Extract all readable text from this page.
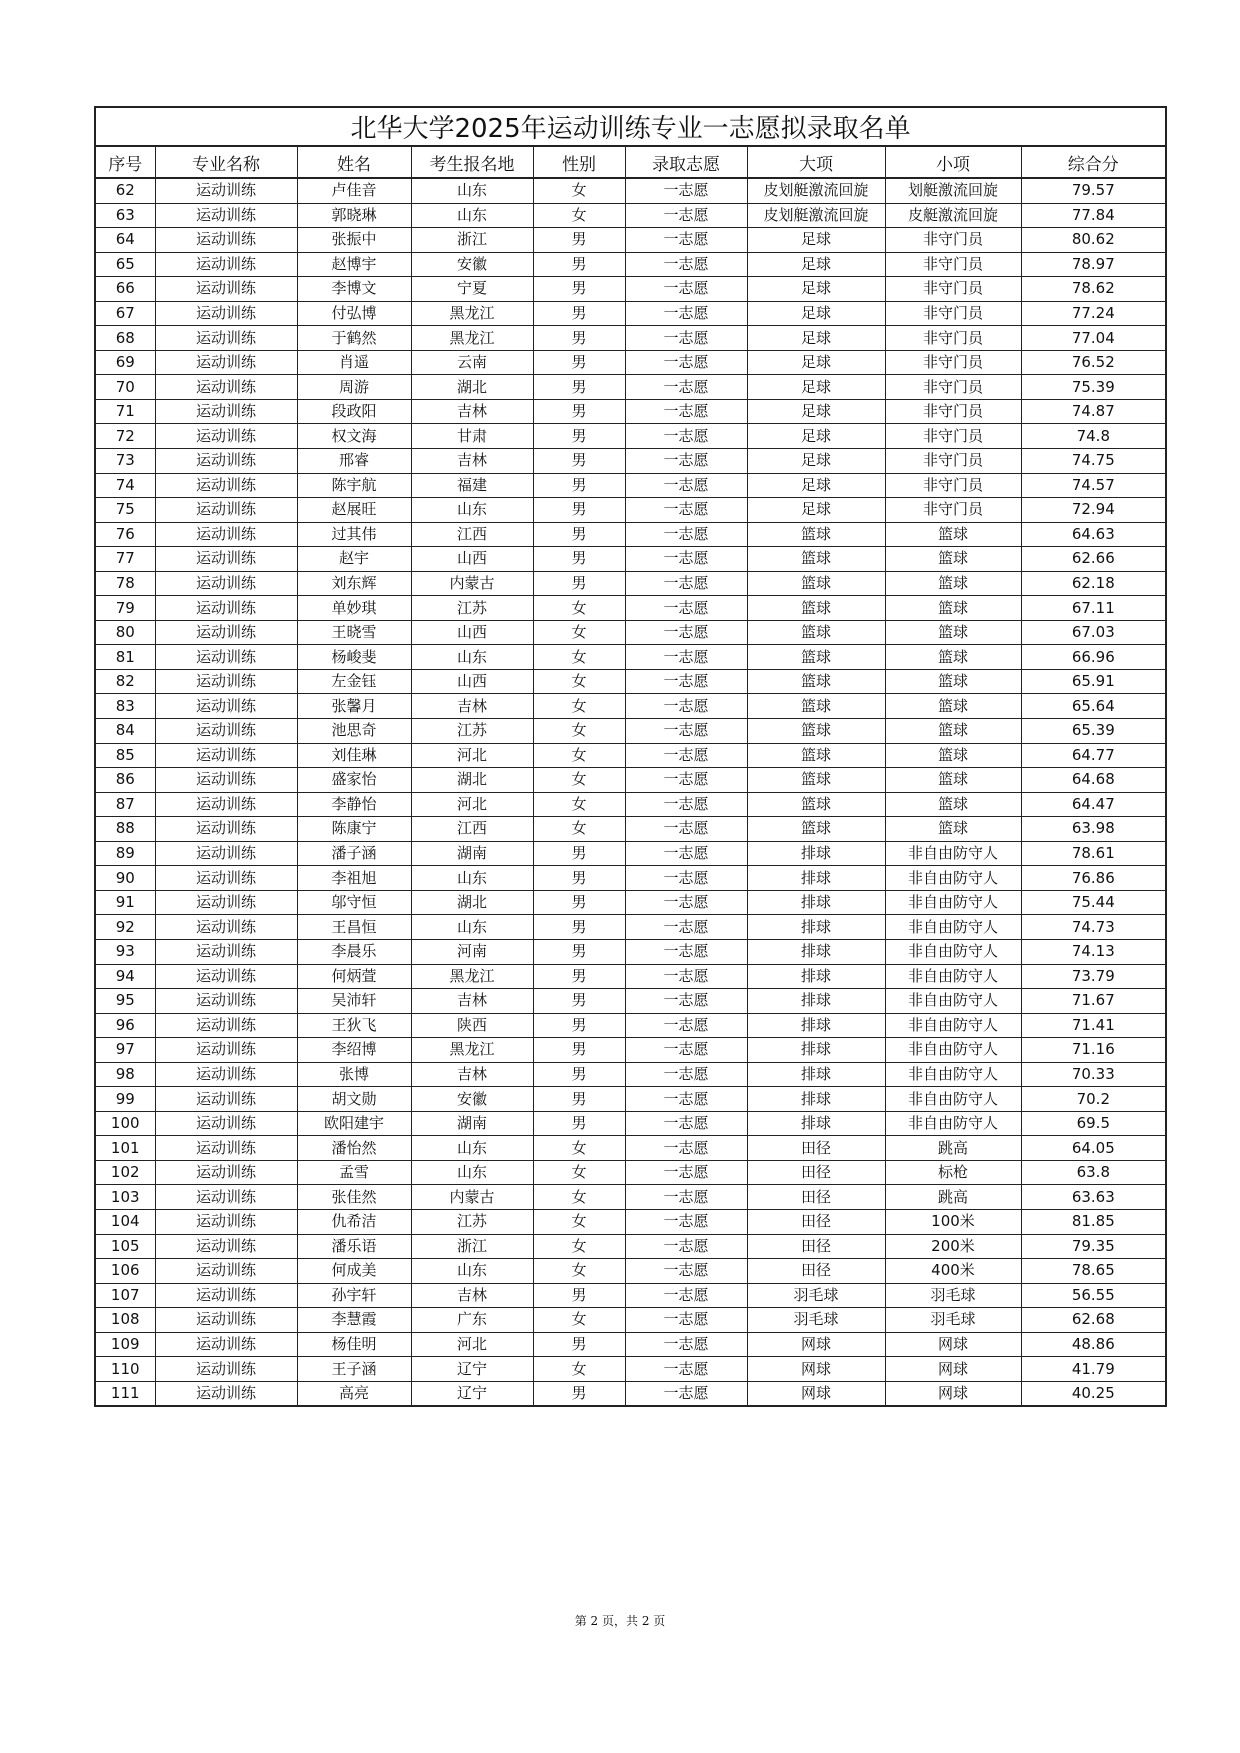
北华大学2025年运动训练专业一志愿拟录取名单								
序号	专业名称	姓名	考生报名地	性别	录取志愿	大项	小项	综合分
62	运动训练	卢佳音	山东	女	一志愿	皮划艇激流回旋	划艇激流回旋	79.57
63	运动训练	郭晓琳	山东	女	一志愿	皮划艇激流回旋	皮艇激流回旋	77.84
64	运动训练	张振中	浙江	男	一志愿	足球	非守门员	80.62
65	运动训练	赵博宇	安徽	男	一志愿	足球	非守门员	78.97
66	运动训练	李博文	宁夏	男	一志愿	足球	非守门员	78.62
67	运动训练	付弘博	黑龙江	男	一志愿	足球	非守门员	77.24
68	运动训练	于鹤然	黑龙江	男	一志愿	足球	非守门员	77.04
69	运动训练	肖遥	云南	男	一志愿	足球	非守门员	76.52
70	运动训练	周游	湖北	男	一志愿	足球	非守门员	75.39
71	运动训练	段政阳	吉林	男	一志愿	足球	非守门员	74.87
72	运动训练	权文海	甘肃	男	一志愿	足球	非守门员	74.8
73	运动训练	邢睿	吉林	男	一志愿	足球	非守门员	74.75
74	运动训练	陈宇航	福建	男	一志愿	足球	非守门员	74.57
75	运动训练	赵展旺	山东	男	一志愿	足球	非守门员	72.94
76	运动训练	过其伟	江西	男	一志愿	篮球	篮球	64.63
77	运动训练	赵宇	山西	男	一志愿	篮球	篮球	62.66
78	运动训练	刘东辉	内蒙古	男	一志愿	篮球	篮球	62.18
79	运动训练	单妙琪	江苏	女	一志愿	篮球	篮球	67.11
80	运动训练	王晓雪	山西	女	一志愿	篮球	篮球	67.03
81	运动训练	杨峻斐	山东	女	一志愿	篮球	篮球	66.96
82	运动训练	左金钰	山西	女	一志愿	篮球	篮球	65.91
83	运动训练	张馨月	吉林	女	一志愿	篮球	篮球	65.64
84	运动训练	池思奇	江苏	女	一志愿	篮球	篮球	65.39
85	运动训练	刘佳琳	河北	女	一志愿	篮球	篮球	64.77
86	运动训练	盛家怡	湖北	女	一志愿	篮球	篮球	64.68
87	运动训练	李静怡	河北	女	一志愿	篮球	篮球	64.47
88	运动训练	陈康宁	江西	女	一志愿	篮球	篮球	63.98
89	运动训练	潘子涵	湖南	男	一志愿	排球	非自由防守人	78.61
90	运动训练	李祖旭	山东	男	一志愿	排球	非自由防守人	76.86
91	运动训练	邬守恒	湖北	男	一志愿	排球	非自由防守人	75.44
92	运动训练	王昌恒	山东	男	一志愿	排球	非自由防守人	74.73
93	运动训练	李晨乐	河南	男	一志愿	排球	非自由防守人	74.13
94	运动训练	何炳萱	黑龙江	男	一志愿	排球	非自由防守人	73.79
95	运动训练	吴沛轩	吉林	男	一志愿	排球	非自由防守人	71.67
96	运动训练	王狄飞	陕西	男	一志愿	排球	非自由防守人	71.41
97	运动训练	李绍博	黑龙江	男	一志愿	排球	非自由防守人	71.16
98	运动训练	张博	吉林	男	一志愿	排球	非自由防守人	70.33
99	运动训练	胡文勋	安徽	男	一志愿	排球	非自由防守人	70.2
100	运动训练	欧阳建宇	湖南	男	一志愿	排球	非自由防守人	69.5
101	运动训练	潘怡然	山东	女	一志愿	田径	跳高	64.05
102	运动训练	孟雪	山东	女	一志愿	田径	标枪	63.8
103	运动训练	张佳然	内蒙古	女	一志愿	田径	跳高	63.63
104	运动训练	仇希洁	江苏	女	一志愿	田径	100米	81.85
105	运动训练	潘乐语	浙江	女	一志愿	田径	200米	79.35
106	运动训练	何成美	山东	女	一志愿	田径	400米	78.65
107	运动训练	孙宇轩	吉林	男	一志愿	羽毛球	羽毛球	56.55
108	运动训练	李慧霞	广东	女	一志愿	羽毛球	羽毛球	62.68
109	运动训练	杨佳明	河北	男	一志愿	网球	网球	48.86
110	运动训练	王子涵	辽宁	女	一志愿	网球	网球	41.79
111	运动训练	高亮	辽宁	男	一志愿	网球	网球	40.25
第 2 页，共 2 页
